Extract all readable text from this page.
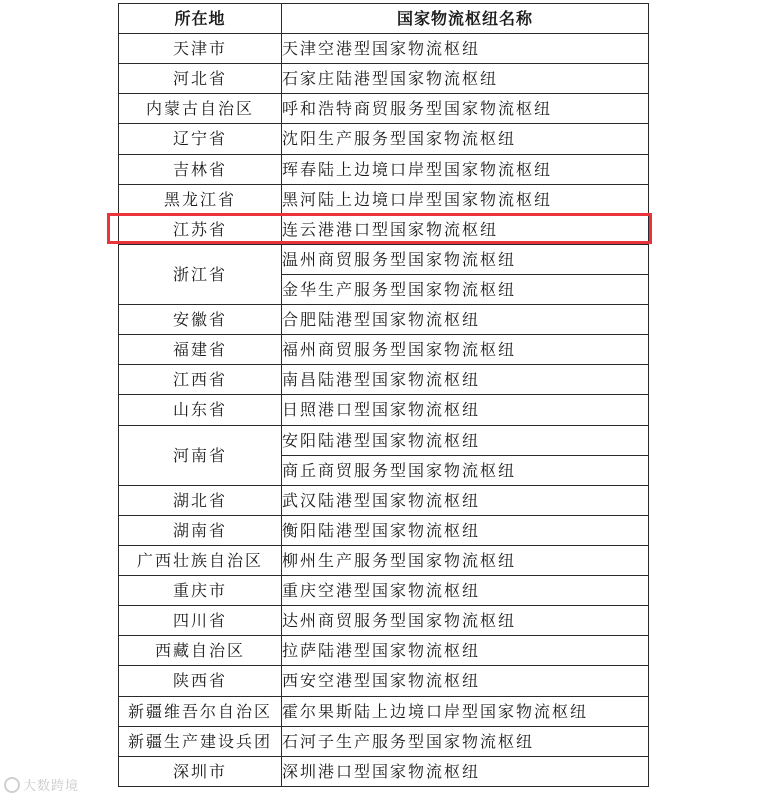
所在地	国家物流枢纽名称
天津市	天津空港型国家物流枢纽
河北省	石家庄陆港型国家物流枢纽
内蒙古自治区	呼和浩特商贸服务型国家物流枢纽
辽宁省	沈阳生产服务型国家物流枢纽
吉林省	珲春陆上边境口岸型国家物流枢纽
黑龙江省	黑河陆上边境口岸型国家物流枢纽
江苏省	连云港港口型国家物流枢纽
浙江省	温州商贸服务型国家物流枢纽
	金华生产服务型国家物流枢纽
安徽省	合肥陆港型国家物流枢纽
福建省	福州商贸服务型国家物流枢纽
江西省	南昌陆港型国家物流枢纽
山东省	日照港口型国家物流枢纽
河南省	安阳陆港型国家物流枢纽
	商丘商贸服务型国家物流枢纽
湖北省	武汉陆港型国家物流枢纽
湖南省	衡阳陆港型国家物流枢纽
广西壮族自治区	柳州生产服务型国家物流枢纽
重庆市	重庆空港型国家物流枢纽
四川省	达州商贸服务型国家物流枢纽
西藏自治区	拉萨陆港型国家物流枢纽
陕西省	西安空港型国家物流枢纽
新疆维吾尔自治区	霍尔果斯陆上边境口岸型国家物流枢纽
新疆生产建设兵团	石河子生产服务型国家物流枢纽
深圳市	深圳港口型国家物流枢纽
大数跨境
